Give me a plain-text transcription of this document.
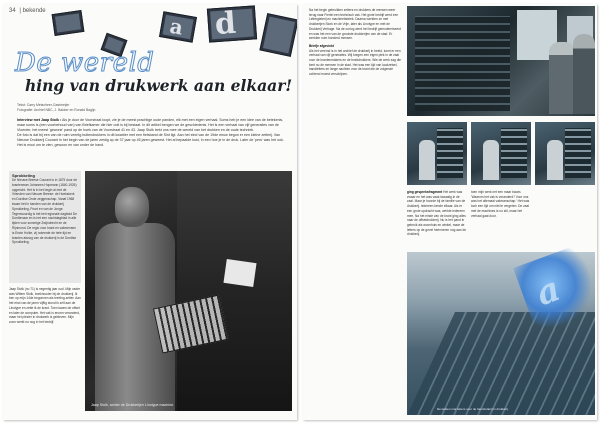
34 | bekende
a d
De wereld
hing van drukwerk aan elkaar!
Tekst: Carry Metscheer-Gastmeijer
Fotografie: Archief NBC, J. Bakker en Ronald Bagijn
Interview met Jaap Stolk • Als je door de Voorstraat loopt, zie je de meest prachtige oude panden, elk met een eigen verhaal. Soms heb je een idee van de betekenis, maar soms is (een voorbehoud van) van Briefkamer die hier ooit is bij bestaat. In dit artikel bengen we de geschiedenis. Het is een verhaal van vijf generaties van de Vloerder, het meest 'gewone' pand op de hoek van de Voorstraat 41 en 43. Jaap Stolk trekt ons mee de wereld van het drukken en de oude techniek.
De foto is dat bij een van de ruim veertig buitendrukkers in dit kwartier met een fietsband de Sint ligt. Aan het eind van de 19de eeuw begon er een kleine zetterij. Van Nieuwe Drukkerij Courant in het begin van de jaren zestig op de 37 jaar op 45 jaren geweest. Het al bepaalde kost, in een hoe je in de druk. Later de 'pers' was het ook. Het is mooi om te zien, gewoon en van onder de hand.
Sprokkeling
De Nieuwe Breese Courant is in 1875 door de krantenman Johannes Hopmann (1840-1926) opgericht. Het is in het begin al met de Vrienden van Nieuwe Breese: de Hoekskerk en Dordtse Grote zeggenschap. Vanaf 1968 kwam het in handen van de drukkerij Sprokkeling, Poort en van de Jonge. Tegenwoordig is het het regionale dagblad De Dordtenaar en is het een nachtdagblad in alle tijden voor sommige Zwijndrecht en de Rijnmond. De regio voor krant en vakmensen is Erwin Holke, zij noteerde de hele tijd en kranten alsnog van de drukkerij in de Dordtse Sprokkeling.
Jaap Stolk, achter de Drukkerijen Linotype machine.
Jaap Stolk (nu 71) is negentig jaar oud. Mijn vader was Willem Stolk, boekhouder bij de drukkerij. Ik ben op mijn 14de begonnen als leerling-zetter. Aan het eind van de jaren vijftig stond ik zelf aan de Linotype en zette ik de krant. Toen kwam de offset en later de computer. Het vak is enorm veranderd, maar het plezier in drukwerk is gebleven. Mijn zoon werkt nu nog in het bedrijf.
Na het begin gebruikten zetters en drukkers de mensen weer terug naar Fiertel een technisch vak. Het grote bedrijf werd een Lettergieterij en machinefabriek. Daarna werkten ze met drukkerijen Stork en de Vrije, later als Linotype en met de Drukkerij Verhage. Na de oorlog werd het bedrijf gemoderniseerd en was het een van de grootste drukkerijen van de stad. Er werkten ruim honderd mensen.
Briefje afgevinkt
Als het vreemd is in het archief de drukkerij in beeld, komt er een verhaal van vijf generaties. Wij kregen een eigen plek in de zaal voor de krantenmakers en de boekdrukkers. Wie de werk zag die kent nu de mensen in de stad. Het was een tijd van loodzetsel, handletters en lange nachten voor de krant die de volgende ochtend moest verschijnen.
ging gespreksfragment Het werk was zwaar en het was vaak lawaaiig in de zaal. Maar je hoorde bij de familie van de drukkerij. Iedereen kende elkaar. Als er een grote opdracht was, werkte iedereen mee. Na het einde van de krant ging alles naar de offsetdrukkerij. Nu is het pand in gebruik als woonhuis en winkel, maar de letters op de gevel herinneren nog aan de drukkerij.
toen mijn werk net een maar kwam. 'Waarom het vak is veranderd? Voor ons was het allemaal vakmanschap.' Het was toch een tijd om niet te vergeten. De zaal met de machines is nu stil, maar het verhaal gaat door.
De kasten met letters voor de handzetterij in drukkerij.
a
